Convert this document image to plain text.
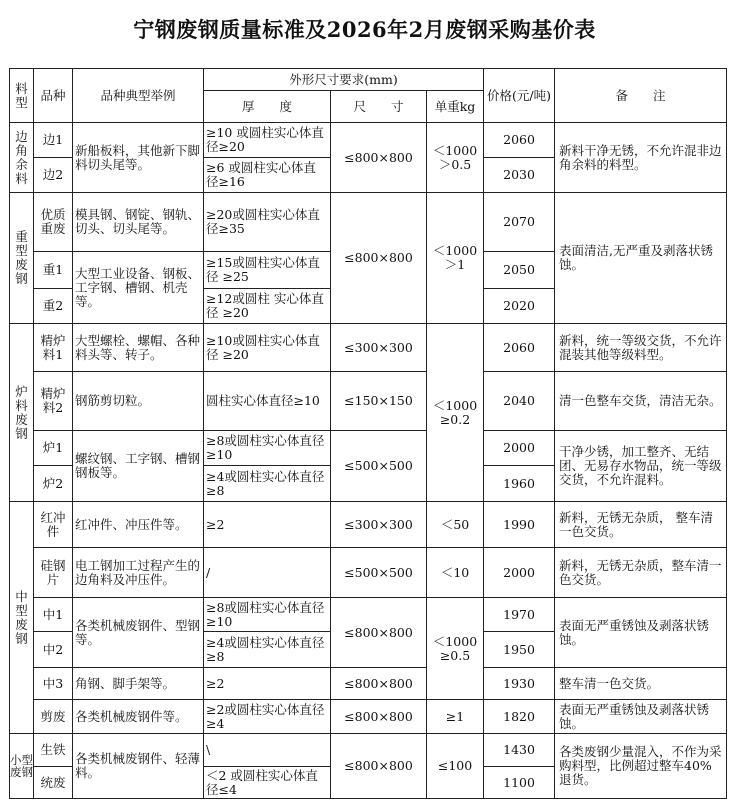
宁钢废钢质量标准及2026年2月废钢采购基价表
料型	品种	品种典型举例	外形尺寸要求(mm)			价格(元/吨)	备　　注
			厚　　度	尺　　寸	单重kg		
边角余料	边1	新船板料，其他新下脚料切头尾等。	≥10 或圆柱实心体直径≥20	≤800×800	＜1000 ＞0.5	2060	新料干净无锈，不允许混非边角余料的料型。
	边2		≥6 或圆柱实心体直径≥16			2030	
重型废钢	优质重废	模具钢、钢锭、钢轨、切头、切头尾等。	≥20或圆柱实心体直径≥35	≤800×800	＜1000 ＞1	2070	表面清洁,无严重及剥落状锈蚀。
	重1	大型工业设备、钢板、工字钢、槽钢、机壳等。	≥15或圆柱实心体直径 ≥25			2050	
	重2		≥12或圆柱 实心体直径 ≥20			2020	
炉料废钢	精炉料1	大型螺栓、螺帽、各种料头等、转子。	≥10或圆柱实心体直径 ≥20	≤300×300	＜1000 ≥0.2	2060	新料，统一等级交货，不允许混装其他等级料型。
	精炉料2	钢筋剪切粒。	圆柱实心体直径≥10	≤150×150		2040	清一色整车交货，清洁无杂。
	炉1	螺纹钢、工字钢、槽钢钢板等。	≥8或圆柱实心体直径 ≥10	≤500×500		2000	干净少锈，加工整齐、无结团、无易存水物品，统一等级交货，不允许混料。
	炉2		≥4或圆柱实心体直径 ≥8			1960	
中型废钢	红冲件	红冲件、冲压件等。	≥2	≤300×300	＜50	1990	新料，无锈无杂质， 整车清一色交货。
	硅钢片	电工钢加工过程产生的边角料及冲压件。	/	≤500×500	＜10	2000	新料，无锈无杂质，整车清一色交货。
	中1	各类机械废钢件、型钢等。	≥8或圆柱实心体直径 ≥10	≤800×800	＜1000 ≥0.5	1970	表面无严重锈蚀及剥落状锈蚀。
	中2		≥4或圆柱实心体直径≥8			1950	
	中3	角钢、脚手架等。	≥2	≤800×800		1930	整车清一色交货。
	剪废	各类机械废钢件等。	≥2或圆柱实心体直径≥4	≤800×800	≥1	1820	表面无严重锈蚀及剥落状锈蚀。
小型废钢	生铁	各类机械废钢件、轻薄料。	\	≤800×800	≤100	1430	各类废钢少量混入，不作为采购料型，比例超过整车40%退货。
	统废		＜2 或圆柱实心体直径≤4			1100	
